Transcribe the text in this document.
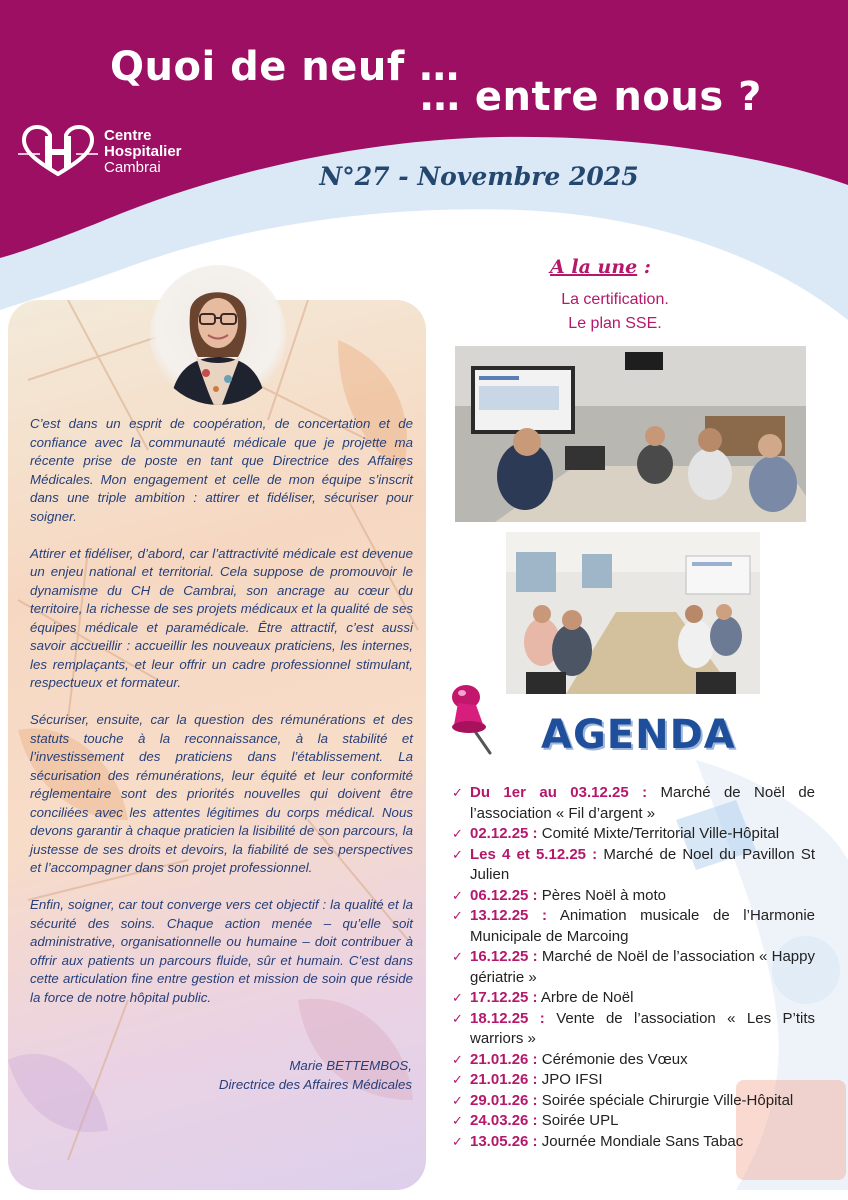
Quoi de neuf …
… entre nous ?
Centre
Hospitalier
Cambrai	N°27 - Novembre 2025

C’est dans un esprit de coopération, de concertation et de confiance avec la communauté médicale que je projette ma récente prise de poste en tant que Directrice des Affaires Médicales. Mon engagement et celle de mon équipe s’inscrit dans une triple ambition : attirer et fidéliser, sécuriser pour soigner.

Attirer et fidéliser, d’abord, car l’attractivité médicale est devenue un enjeu national et territorial. Cela suppose de promouvoir le dynamisme du CH de Cambrai, son ancrage au cœur du territoire, la richesse de ses projets médicaux et la qualité de ses équipes médicale et paramédicale. Être attractif, c’est aussi savoir accueillir : accueillir les nouveaux praticiens, les internes, les remplaçants, et leur offrir un cadre professionnel stimulant, respectueux et formateur.

Sécuriser, ensuite, car la question des rémunérations et des statuts touche à la reconnaissance, à la stabilité et l’investissement des praticiens dans l’établissement. La sécurisation des rémunérations, leur équité et leur conformité réglementaire sont des priorités nouvelles qui doivent être conciliées avec les attentes légitimes du corps médical. Nous devons garantir à chaque praticien la lisibilité de son parcours, la justesse de ses droits et devoirs, la fiabilité de ses perspectives et l’accompagner dans son projet professionnel.

Enfin, soigner, car tout converge vers cet objectif : la qualité et la sécurité des soins. Chaque action menée – qu’elle soit administrative, organisationnelle ou humaine – doit contribuer à offrir aux patients un parcours fluide, sûr et humain. C’est dans cette articulation fine entre gestion et mission de soin que réside la force de notre hôpital public.

Marie BETTEMBOS,
Directrice des Affaires Médicales
A la une :
La certification.
Le plan SSE.
AGENDA
✓ Du 1er au 03.12.25 : Marché de Noël de l’association « Fil d’argent »
✓ 02.12.25 : Comité Mixte/Territorial Ville-Hôpital
✓ Les 4 et 5.12.25 : Marché de Noel du Pavillon St Julien
✓ 06.12.25 : Pères Noël à moto
✓ 13.12.25 : Animation musicale de l’Harmonie Municipale de Marcoing
✓ 16.12.25 : Marché de Noël de l’association « Happy gériatrie »
✓ 17.12.25 : Arbre de Noël
✓ 18.12.25 : Vente de l’association « Les P’tits warriors »
✓ 21.01.26 : Cérémonie des Vœux
✓ 21.01.26 : JPO IFSI
✓ 29.01.26 : Soirée spéciale Chirurgie Ville-Hôpital
✓ 24.03.26 : Soirée UPL
✓ 13.05.26 : Journée Mondiale Sans Tabac
